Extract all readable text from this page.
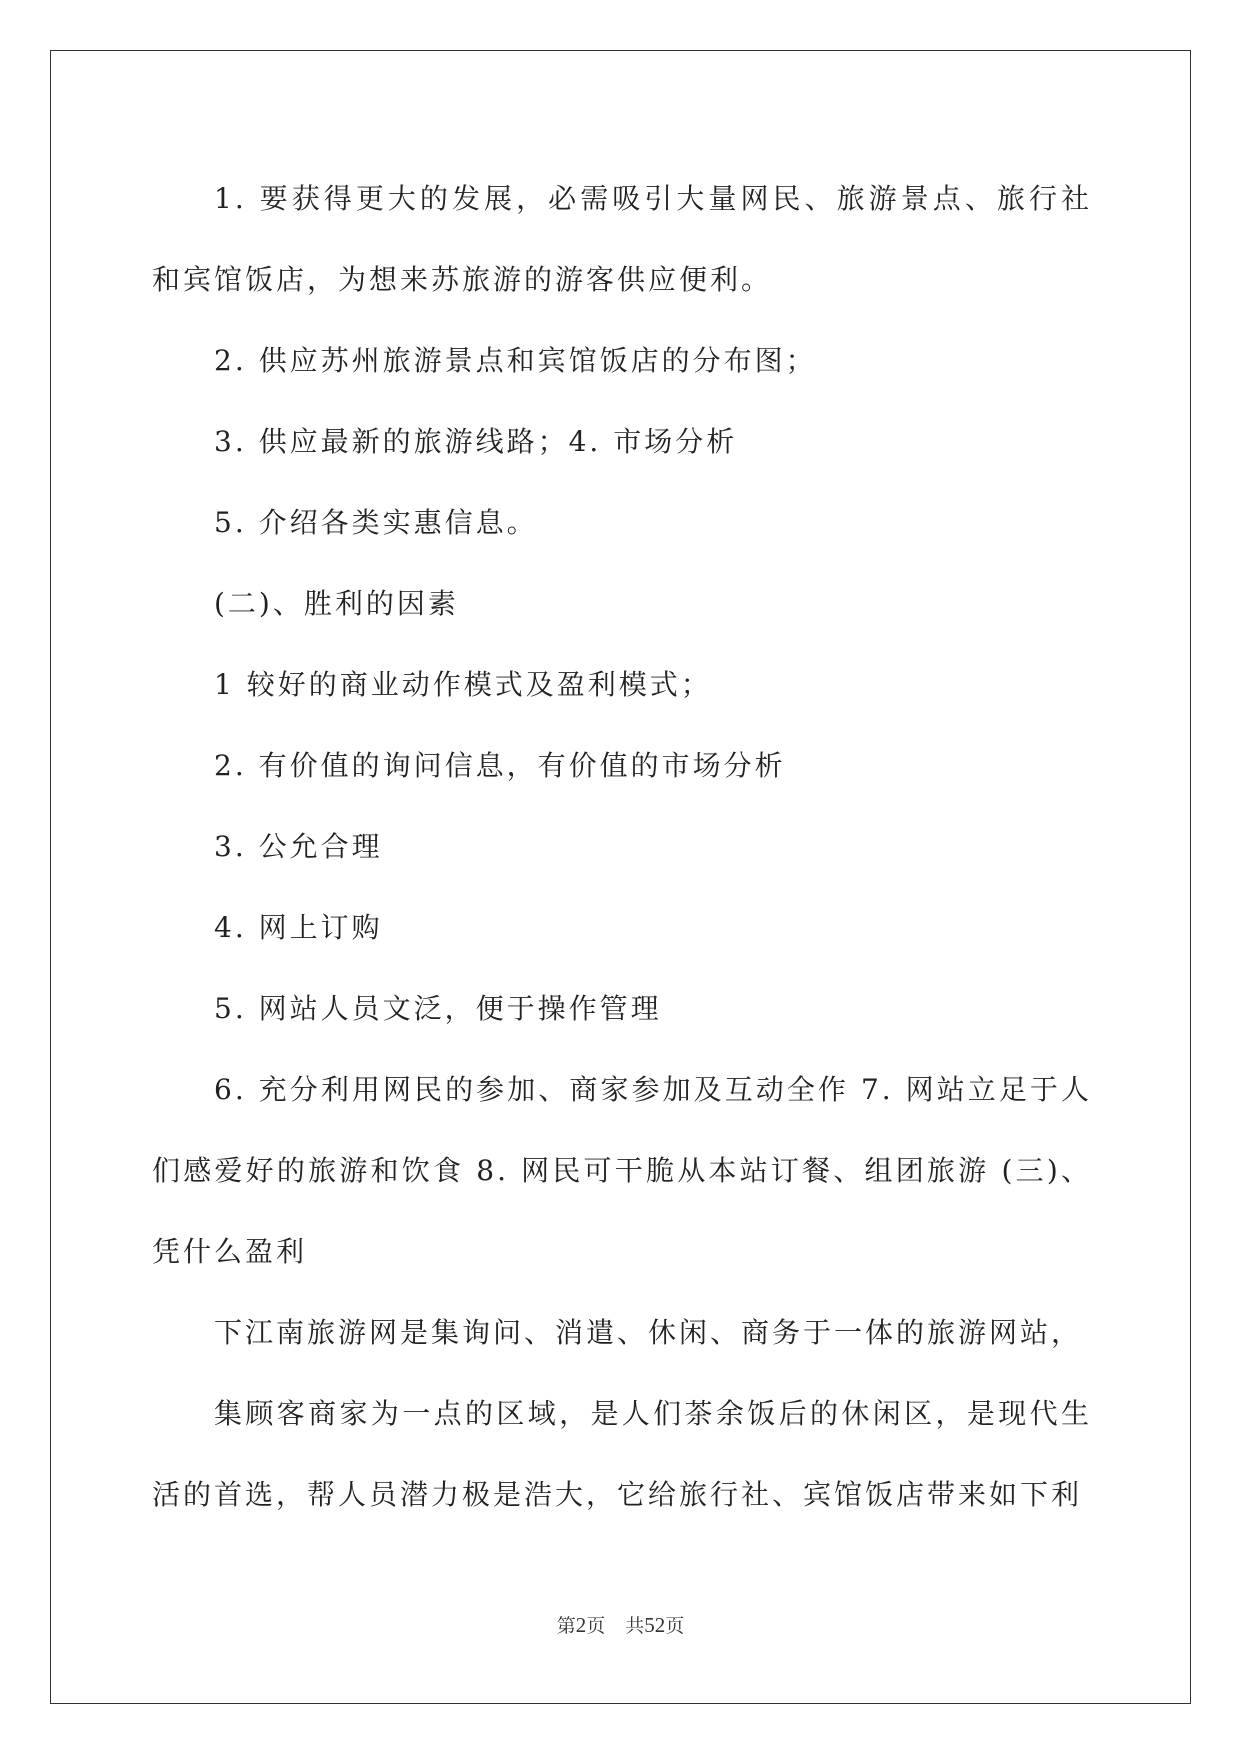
1. 要获得更大的发展，必需吸引大量网民、旅游景点、旅行社和宾馆饭店，为想来苏旅游的游客供应便利。

2. 供应苏州旅游景点和宾馆饭店的分布图；

3. 供应最新的旅游线路；4. 市场分析

5. 介绍各类实惠信息。

(二)、胜利的因素

1 较好的商业动作模式及盈利模式；

2. 有价值的询问信息，有价值的市场分析

3. 公允合理

4. 网上订购

5. 网站人员文泛，便于操作管理

6. 充分利用网民的参加、商家参加及互动全作 7. 网站立足于人们感爱好的旅游和饮食 8. 网民可干脆从本站订餐、组团旅游 (三)、凭什么盈利

下江南旅游网是集询问、消遣、休闲、商务于一体的旅游网站，

集顾客商家为一点的区域，是人们茶余饭后的休闲区，是现代生活的首选，帮人员潜力极是浩大，它给旅行社、宾馆饭店带来如下利

第2页 共52页
